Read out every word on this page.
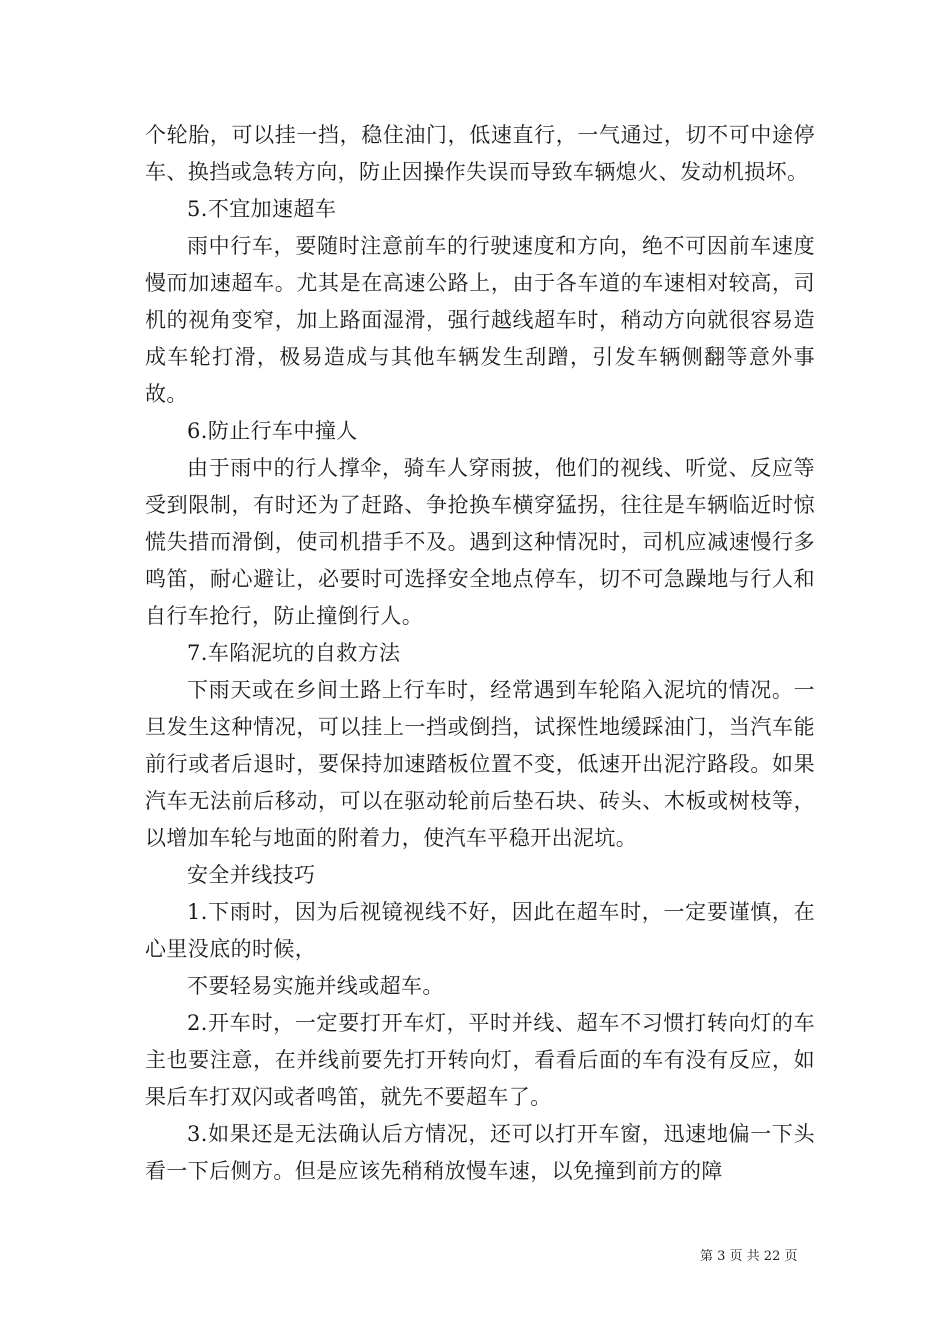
个轮胎，可以挂一挡，稳住油门，低速直行，一气通过，切不可中途停车、换挡或急转方向，防止因操作失误而导致车辆熄火、发动机损坏。

5.不宜加速超车

雨中行车，要随时注意前车的行驶速度和方向，绝不可因前车速度慢而加速超车。尤其是在高速公路上，由于各车道的车速相对较高，司机的视角变窄，加上路面湿滑，强行越线超车时，稍动方向就很容易造成车轮打滑，极易造成与其他车辆发生刮蹭，引发车辆侧翻等意外事故。

6.防止行车中撞人

由于雨中的行人撑伞，骑车人穿雨披，他们的视线、听觉、反应等受到限制，有时还为了赶路、争抢换车横穿猛拐，往往是车辆临近时惊慌失措而滑倒，使司机措手不及。遇到这种情况时，司机应减速慢行多鸣笛，耐心避让，必要时可选择安全地点停车，切不可急躁地与行人和自行车抢行，防止撞倒行人。

7.车陷泥坑的自救方法

下雨天或在乡间土路上行车时，经常遇到车轮陷入泥坑的情况。一旦发生这种情况，可以挂上一挡或倒挡，试探性地缓踩油门，当汽车能前行或者后退时，要保持加速踏板位置不变，低速开出泥泞路段。如果汽车无法前后移动，可以在驱动轮前后垫石块、砖头、木板或树枝等，以增加车轮与地面的附着力，使汽车平稳开出泥坑。

安全并线技巧

1.下雨时，因为后视镜视线不好，因此在超车时，一定要谨慎，在心里没底的时候，

不要轻易实施并线或超车。

2.开车时，一定要打开车灯，平时并线、超车不习惯打转向灯的车主也要注意，在并线前要先打开转向灯，看看后面的车有没有反应，如果后车打双闪或者鸣笛，就先不要超车了。

3.如果还是无法确认后方情况，还可以打开车窗，迅速地偏一下头看一下后侧方。但是应该先稍稍放慢车速，以免撞到前方的障

第 3 页 共 22 页
